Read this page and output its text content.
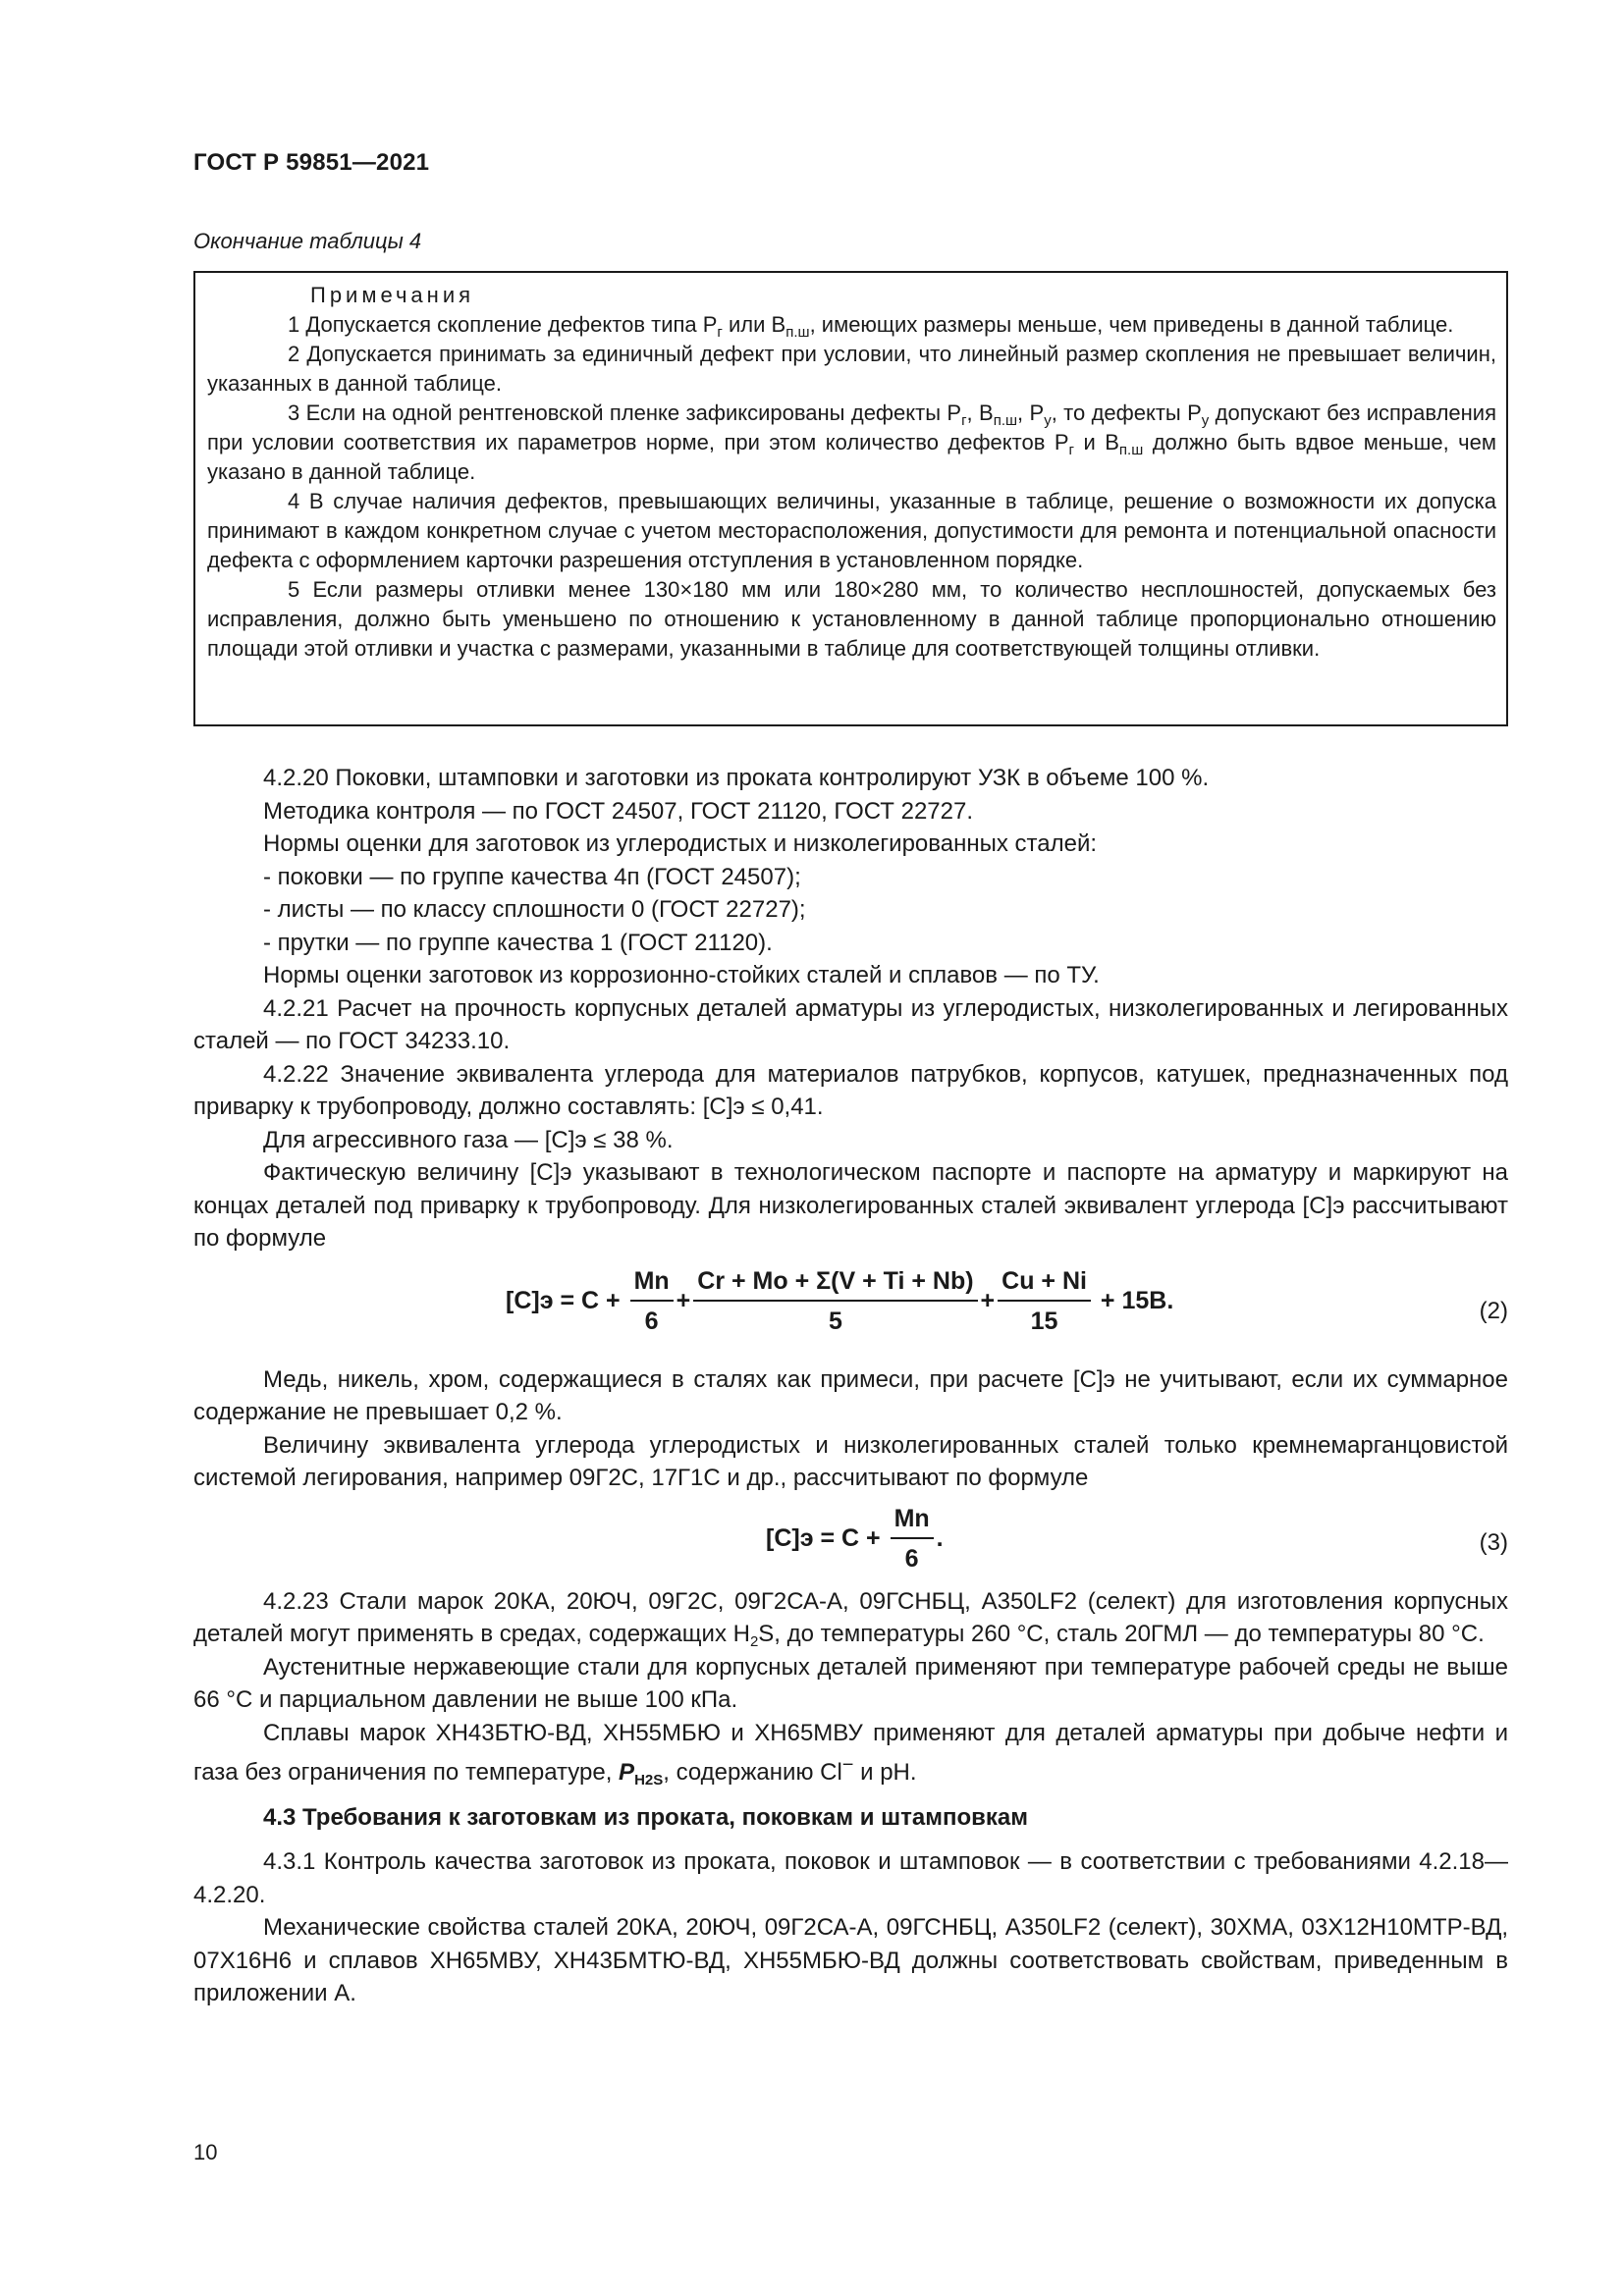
ГОСТ Р 59851—2021
Окончание таблицы 4
Примечания

1 Допускается скопление дефектов типа $Р_г$ или $В_{п.ш}$, имеющих размеры меньше, чем приведены в данной таблице.

2 Допускается принимать за единичный дефект при условии, что линейный размер скопления не превышает величин, указанных в данной таблице.

3 Если на одной рентгеновской пленке зафиксированы дефекты $Р_г$, $В_{п.ш}$, $Р_у$, то дефекты $Р_у$ допускают без исправления при условии соответствия их параметров норме, при этом количество дефектов $Р_г$ и $В_{п.ш}$ должно быть вдвое меньше, чем указано в данной таблице.

4 В случае наличия дефектов, превышающих величины, указанные в таблице, решение о возможности их допуска принимают в каждом конкретном случае с учетом месторасположения, допустимости для ремонта и потенциальной опасности дефекта с оформлением карточки разрешения отступления в установленном порядке.

5 Если размеры отливки менее 130×180 мм или 180×280 мм, то количество несплошностей, допускаемых без исправления, должно быть уменьшено по отношению к установленному в данной таблице пропорционально отношению площади этой отливки и участка с размерами, указанными в таблице для соответствующей толщины отливки.

4.2.20 Поковки, штамповки и заготовки из проката контролируют УЗК в объеме 100 %.

Методика контроля — по ГОСТ 24507, ГОСТ 21120, ГОСТ 22727.

Нормы оценки для заготовок из углеродистых и низколегированных сталей:

- поковки — по группе качества 4п (ГОСТ 24507);

- листы — по классу сплошности 0 (ГОСТ 22727);

- прутки — по группе качества 1 (ГОСТ 21120).

Нормы оценки заготовок из коррозионно-стойких сталей и сплавов — по ТУ.

4.2.21 Расчет на прочность корпусных деталей арматуры из углеродистых, низколегированных и легированных сталей — по ГОСТ 34233.10.

4.2.22 Значение эквивалента углерода для материалов патрубков, корпусов, катушек, предназначенных под приварку к трубопроводу, должно составлять: [С]э ≤ 0,41.

Для агрессивного газа — [С]э ≤ 38 %.

Фактическую величину [С]э указывают в технологическом паспорте и паспорте на арматуру и маркируют на концах деталей под приварку к трубопроводу. Для низколегированных сталей эквивалент углерода [С]э рассчитывают по формуле

$[C]э = C + \frac{Mn}{6} + \frac{Cr + Mo + \Sigma(V + Ti + Nb)}{5} + \frac{Cu + Ni}{15} + 15B$.	(2)

Медь, никель, хром, содержащиеся в сталях как примеси, при расчете [С]э не учитывают, если их суммарное содержание не превышает 0,2 %.

Величину эквивалента углерода углеродистых и низколегированных сталей только кремнемарганцовистой системой легирования, например 09Г2С, 17Г1С и др., рассчитывают по формуле

$[C]э = C + \frac{Mn}{6}$ .	(3)

4.2.23 Стали марок 20КА, 20ЮЧ, 09Г2С, 09Г2СА-А, 09ГСНБЦ, A350LF2 (селект) для изготовления корпусных деталей могут применять в средах, содержащих $H_2S$, до температуры 260 °C, сталь 20ГМЛ — до температуры 80 °C.

Аустенитные нержавеющие стали для корпусных деталей применяют при температуре рабочей среды не выше 66 °C и парциальном давлении не выше 100 кПа.

Сплавы марок ХН43БТЮ-ВД, ХН55МБЮ и ХН65МВУ применяют для деталей арматуры при добыче нефти и газа без ограничения по температуре, $P_{H2S}$, содержанию Cl− и pH.

4.3 Требования к заготовкам из проката, поковкам и штамповкам

4.3.1 Контроль качества заготовок из проката, поковок и штамповок — в соответствии с требованиями 4.2.18—4.2.20.

Механические свойства сталей 20КА, 20ЮЧ, 09Г2СА-А, 09ГСНБЦ, A350LF2 (селект), 30ХМА, 03Х12Н10МТР-ВД, 07Х16Н6 и сплавов ХН65МВУ, ХН43БМТЮ-ВД, ХН55МБЮ-ВД должны соответствовать свойствам, приведенным в приложении А.

10
